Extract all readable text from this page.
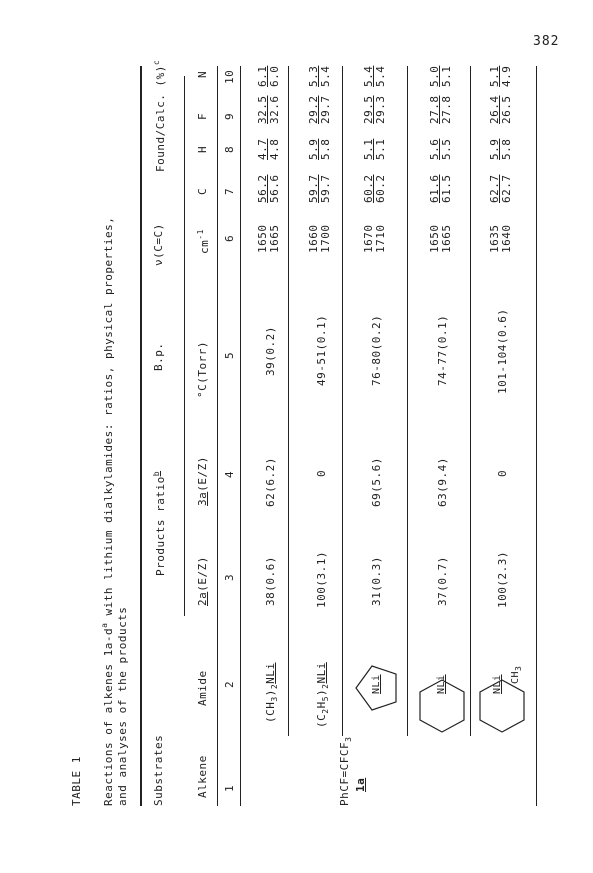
382
TABLE 1 Reactions of alkenes $1a-d^a$ with lithium dialkylamides: ratios, physical properties,
and analyses of the products Substrates
Products ratio$^b$
B.p.
ν(C=C)
Found/Calc. (%)$^c$
Alkene
Amide
2a(E/Z)
3a(E/Z)
°C(Torr)
$cm^{-1}$
C
H
F
N
1
2
3
4
5
6
7
8
9
10
$PhCF=CFCF_3$
1a
$(CH_3)_2NLi$
38(0.6)
62(6.2)
39(0.2)
1650 1665
56.2 56.6
4.7 4.8
32.5 32.6
6.1 6.0
$(C_2H_5)_2NLi$
100(3.1)
0
49-51(0.1)
1660 1700
59.7 59.7
5.9 5.8
29.2 29.7
5.3 5.4
NLi
31(0.3)
69(5.6)
76-80(0.2)
1670 1710
60.2 60.2
5.1 5.1
29.5 29.3
5.4 5.4
NLi
37(0.7)
63(9.4)
74-77(0.1)
1650 1665
61.6 61.5
5.6 5.5
27.8 27.8
5.0 5.1
NLi $CH_3$
100(2.3)
0
101-104(0.6)
1635 1640
62.7 62.7
5.9 5.8
26.4 26.5
5.1 4.9
